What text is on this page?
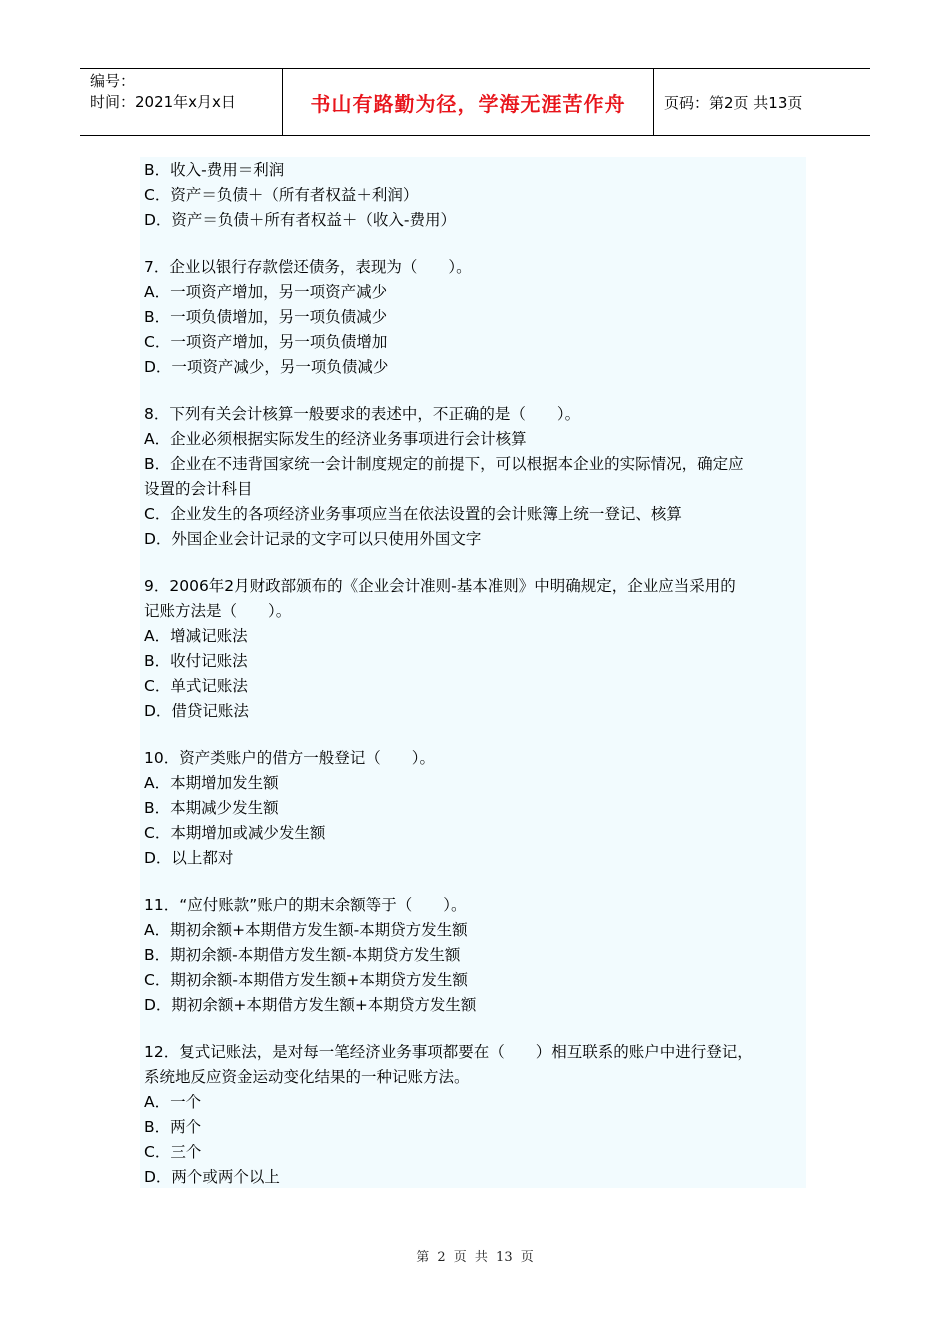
编号：
时间：2021年x月x日	书山有路勤为径，学海无涯苦作舟	页码：第2页 共13页
B．收入-费用＝利润
C．资产＝负债＋（所有者权益＋利润）
D．资产＝负债＋所有者权益＋（收入-费用）
7．企业以银行存款偿还债务，表现为（　　）。
A．一项资产增加，另一项资产减少
B．一项负债增加，另一项负债减少
C．一项资产增加，另一项负债增加
D．一项资产减少，另一项负债减少
8．下列有关会计核算一般要求的表述中，不正确的是（　　）。
A．企业必须根据实际发生的经济业务事项进行会计核算
B．企业在不违背国家统一会计制度规定的前提下，可以根据本企业的实际情况，确定应
设置的会计科目
C．企业发生的各项经济业务事项应当在依法设置的会计账簿上统一登记、核算
D．外国企业会计记录的文字可以只使用外国文字
9．2006年2月财政部颁布的《企业会计准则-基本准则》中明确规定，企业应当采用的
记账方法是（　　）。
A．增减记账法
B．收付记账法
C．单式记账法
D．借贷记账法
10．资产类账户的借方一般登记（　　）。
A．本期增加发生额
B．本期减少发生额
C．本期增加或减少发生额
D．以上都对
11．“应付账款”账户的期末余额等于（　　）。
A．期初余额+本期借方发生额-本期贷方发生额
B．期初余额-本期借方发生额-本期贷方发生额
C．期初余额-本期借方发生额+本期贷方发生额
D．期初余额+本期借方发生额+本期贷方发生额
12．复式记账法，是对每一笔经济业务事项都要在（　　）相互联系的账户中进行登记，
系统地反应资金运动变化结果的一种记账方法。
A．一个
B．两个
C．三个
D．两个或两个以上
第 2 页 共 13 页
